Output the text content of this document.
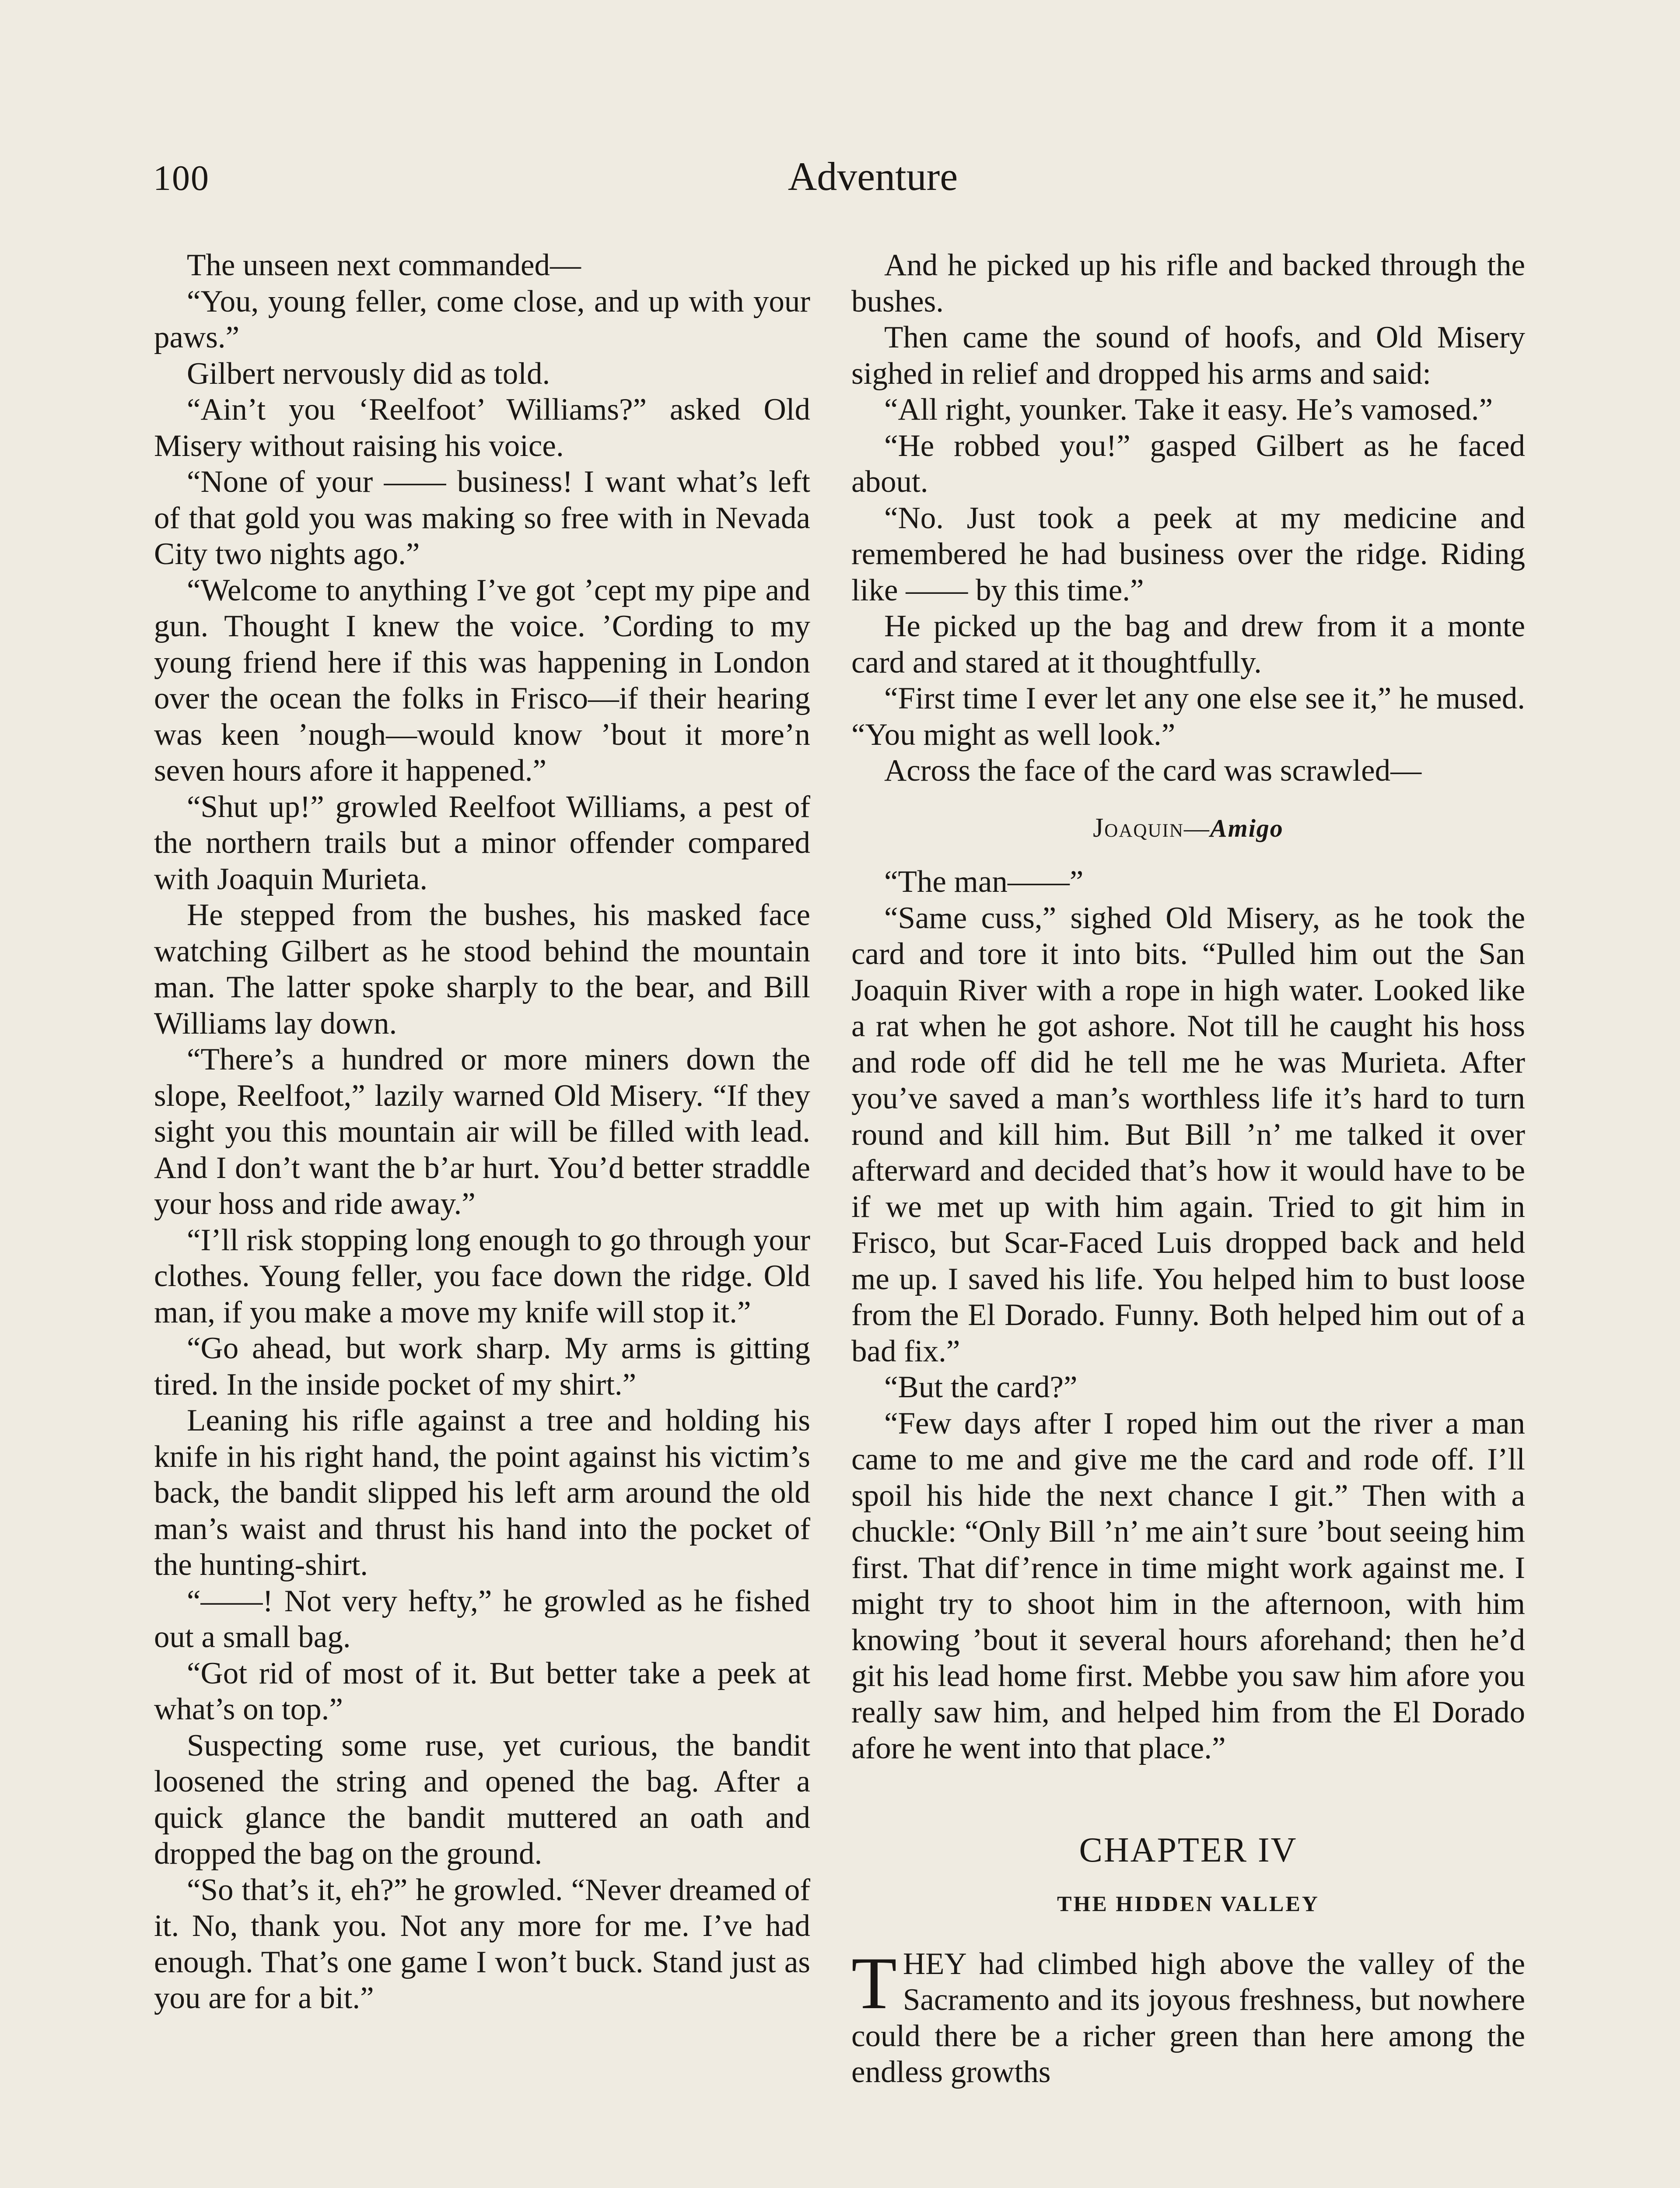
100	Adventure

The unseen next commanded—

“You, young feller, come close, and up with your paws.”

Gilbert nervously did as told.

“Ain’t you ‘Reelfoot’ Williams?” asked Old Misery without raising his voice.

“None of your —— business! I want what’s left of that gold you was making so free with in Nevada City two nights ago.”

“Welcome to anything I’ve got ’cept my pipe and gun. Thought I knew the voice. ’Cording to my young friend here if this was happening in London over the ocean the folks in Frisco—if their hearing was keen ’nough—would know ’bout it more’n seven hours afore it happened.”

“Shut up!” growled Reelfoot Williams, a pest of the northern trails but a minor offender compared with Joaquin Murieta.

He stepped from the bushes, his masked face watching Gilbert as he stood behind the mountain man. The latter spoke sharply to the bear, and Bill Williams lay down.

“There’s a hundred or more miners down the slope, Reelfoot,” lazily warned Old Misery. “If they sight you this mountain air will be filled with lead. And I don’t want the b’ar hurt. You’d better straddle your hoss and ride away.”

“I’ll risk stopping long enough to go through your clothes. Young feller, you face down the ridge. Old man, if you make a move my knife will stop it.”

“Go ahead, but work sharp. My arms is gitting tired. In the inside pocket of my shirt.”

Leaning his rifle against a tree and holding his knife in his right hand, the point against his victim’s back, the bandit slipped his left arm around the old man’s waist and thrust his hand into the pocket of the hunting-shirt.

“——! Not very hefty,” he growled as he fished out a small bag.

“Got rid of most of it. But better take a peek at what’s on top.”

Suspecting some ruse, yet curious, the bandit loosened the string and opened the bag. After a quick glance the bandit muttered an oath and dropped the bag on the ground.

“So that’s it, eh?” he growled. “Never dreamed of it. No, thank you. Not any more for me. I’ve had enough. That’s one game I won’t buck. Stand just as you are for a bit.”

And he picked up his rifle and backed through the bushes.

Then came the sound of hoofs, and Old Misery sighed in relief and dropped his arms and said:

“All right, younker. Take it easy. He’s vamosed.”

“He robbed you!” gasped Gilbert as he faced about.

“No. Just took a peek at my medicine and remembered he had business over the ridge. Riding like —— by this time.”

He picked up the bag and drew from it a monte card and stared at it thoughtfully.

“First time I ever let any one else see it,” he mused. “You might as well look.”

Across the face of the card was scrawled—

Joaquin—Amigo

“The man——”

“Same cuss,” sighed Old Misery, as he took the card and tore it into bits. “Pulled him out the San Joaquin River with a rope in high water. Looked like a rat when he got ashore. Not till he caught his hoss and rode off did he tell me he was Murieta. After you’ve saved a man’s worthless life it’s hard to turn round and kill him. But Bill ’n’ me talked it over afterward and decided that’s how it would have to be if we met up with him again. Tried to git him in Frisco, but Scar-Faced Luis dropped back and held me up. I saved his life. You helped him to bust loose from the El Dorado. Funny. Both helped him out of a bad fix.”

“But the card?”

“Few days after I roped him out the river a man came to me and give me the card and rode off. I’ll spoil his hide the next chance I git.” Then with a chuckle: “Only Bill ’n’ me ain’t sure ’bout seeing him first. That dif’rence in time might work against me. I might try to shoot him in the afternoon, with him knowing ’bout it several hours aforehand; then he’d git his lead home first. Mebbe you saw him afore you really saw him, and helped him from the El Dorado afore he went into that place.”

CHAPTER IV

THE HIDDEN VALLEY

THEY had climbed high above the valley of the Sacramento and its joyous freshness, but nowhere could there be a richer green than here among the endless growths
